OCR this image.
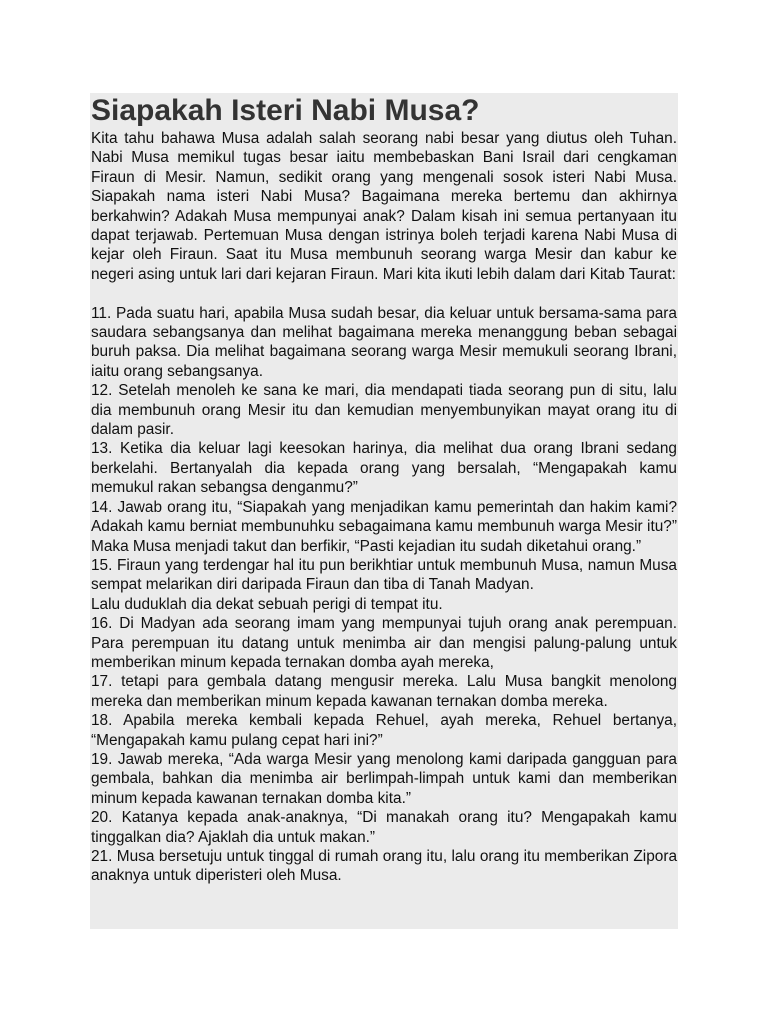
Siapakah Isteri Nabi Musa?

Kita tahu bahawa Musa adalah salah seorang nabi besar yang diutus oleh Tuhan. Nabi Musa memikul tugas besar iaitu membebaskan Bani Israil dari cengkaman Firaun di Mesir. Namun, sedikit orang yang mengenali sosok isteri Nabi Musa. Siapakah nama isteri Nabi Musa? Bagaimana mereka bertemu dan akhirnya berkahwin? Adakah Musa mempunyai anak? Dalam kisah ini semua pertanyaan itu dapat terjawab. Pertemuan Musa dengan istrinya boleh terjadi karena Nabi Musa di kejar oleh Firaun. Saat itu Musa membunuh seorang warga Mesir dan kabur ke negeri asing untuk lari dari kejaran Firaun. Mari kita ikuti lebih dalam dari Kitab Taurat:

11. Pada suatu hari, apabila Musa sudah besar, dia keluar untuk bersama-sama para saudara sebangsanya dan melihat bagaimana mereka menanggung beban sebagai buruh paksa. Dia melihat bagaimana seorang warga Mesir memukuli seorang Ibrani, iaitu orang sebangsanya.

12. Setelah menoleh ke sana ke mari, dia mendapati tiada seorang pun di situ, lalu dia membunuh orang Mesir itu dan kemudian menyembunyikan mayat orang itu di dalam pasir.

13. Ketika dia keluar lagi keesokan harinya, dia melihat dua orang Ibrani sedang berkelahi. Bertanyalah dia kepada orang yang bersalah, “Mengapakah kamu memukul rakan sebangsa denganmu?”

14. Jawab orang itu, “Siapakah yang menjadikan kamu pemerintah dan hakim kami? Adakah kamu berniat membunuhku sebagaimana kamu membunuh warga Mesir itu?” Maka Musa menjadi takut dan berfikir, “Pasti kejadian itu sudah diketahui orang.”

15. Firaun yang terdengar hal itu pun berikhtiar untuk membunuh Musa, namun Musa sempat melarikan diri daripada Firaun dan tiba di Tanah Madyan.

Lalu duduklah dia dekat sebuah perigi di tempat itu.

16. Di Madyan ada seorang imam yang mempunyai tujuh orang anak perempuan. Para perempuan itu datang untuk menimba air dan mengisi palung-palung untuk memberikan minum kepada ternakan domba ayah mereka,

17. tetapi para gembala datang mengusir mereka. Lalu Musa bangkit menolong mereka dan memberikan minum kepada kawanan ternakan domba mereka.

18. Apabila mereka kembali kepada Rehuel, ayah mereka, Rehuel bertanya, “Mengapakah kamu pulang cepat hari ini?”

19. Jawab mereka, “Ada warga Mesir yang menolong kami daripada gangguan para gembala, bahkan dia menimba air berlimpah-limpah untuk kami dan memberikan minum kepada kawanan ternakan domba kita.”

20. Katanya kepada anak-anaknya, “Di manakah orang itu? Mengapakah kamu tinggalkan dia? Ajaklah dia untuk makan.”

21. Musa bersetuju untuk tinggal di rumah orang itu, lalu orang itu memberikan Zipora anaknya untuk diperisteri oleh Musa.
